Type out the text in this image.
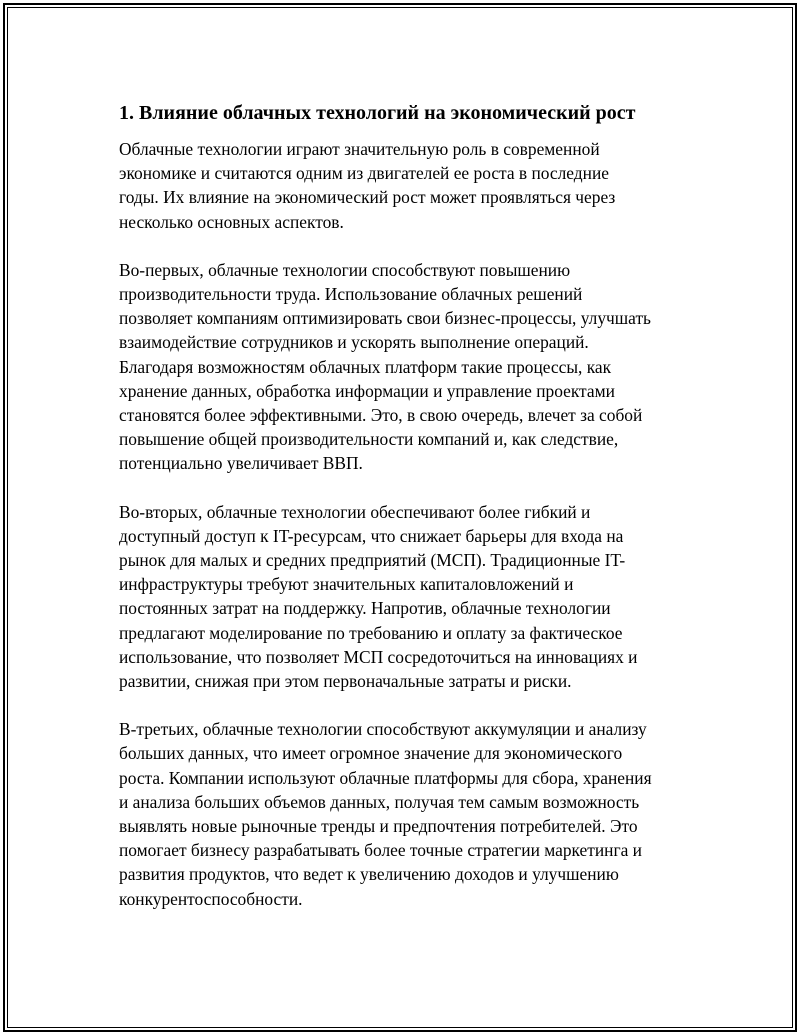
1. Влияние облачных технологий на экономический рост

Облачные технологии играют значительную роль в современной
экономике и считаются одним из двигателей ее роста в последние
годы. Их влияние на экономический рост может проявляться через
несколько основных аспектов.

Во-первых, облачные технологии способствуют повышению
производительности труда. Использование облачных решений
позволяет компаниям оптимизировать свои бизнес-процессы, улучшать
взаимодействие сотрудников и ускорять выполнение операций.
Благодаря возможностям облачных платформ такие процессы, как
хранение данных, обработка информации и управление проектами
становятся более эффективными. Это, в свою очередь, влечет за собой
повышение общей производительности компаний и, как следствие,
потенциально увеличивает ВВП.

Во-вторых, облачные технологии обеспечивают более гибкий и
доступный доступ к IT-ресурсам, что снижает барьеры для входа на
рынок для малых и средних предприятий (МСП). Традиционные IT-
инфраструктуры требуют значительных капиталовложений и
постоянных затрат на поддержку. Напротив, облачные технологии
предлагают моделирование по требованию и оплату за фактическое
использование, что позволяет МСП сосредоточиться на инновациях и
развитии, снижая при этом первоначальные затраты и риски.

В-третьих, облачные технологии способствуют аккумуляции и анализу
больших данных, что имеет огромное значение для экономического
роста. Компании используют облачные платформы для сбора, хранения
и анализа больших объемов данных, получая тем самым возможность
выявлять новые рыночные тренды и предпочтения потребителей. Это
помогает бизнесу разрабатывать более точные стратегии маркетинга и
развития продуктов, что ведет к увеличению доходов и улучшению
конкурентоспособности.
